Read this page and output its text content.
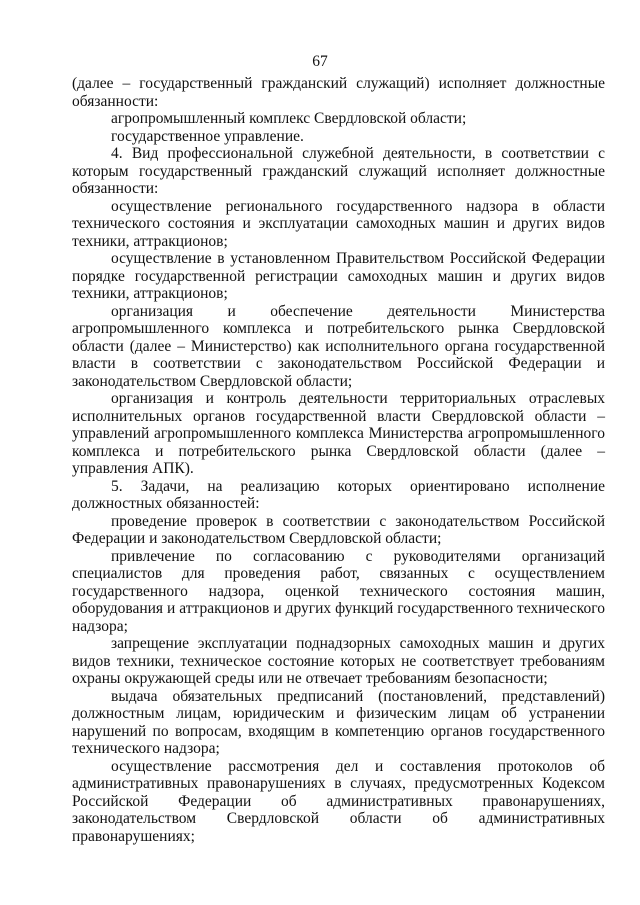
67

(далее – государственный гражданский служащий) исполняет должностные обязанности:

агропромышленный комплекс Свердловской области;

государственное управление.

4. Вид профессиональной служебной деятельности, в соответствии с которым государственный гражданский служащий исполняет должностные обязанности:

осуществление регионального государственного надзора в области технического состояния и эксплуатации самоходных машин и других видов техники, аттракционов;

осуществление в установленном Правительством Российской Федерации порядке государственной регистрации самоходных машин и других видов техники, аттракционов;

организация и обеспечение деятельности Министерства агропромышленного комплекса и потребительского рынка Свердловской области (далее – Министерство) как исполнительного органа государственной власти в соответствии с законодательством Российской Федерации и законодательством Свердловской области;

организация и контроль деятельности территориальных отраслевых исполнительных органов государственной власти Свердловской области – управлений агропромышленного комплекса Министерства агропромышленного комплекса и потребительского рынка Свердловской области (далее – управления АПК).

5. Задачи, на реализацию которых ориентировано исполнение должностных обязанностей:

проведение проверок в соответствии с законодательством Российской Федерации и законодательством Свердловской области;

привлечение по согласованию с руководителями организаций специалистов для проведения работ, связанных с осуществлением государственного надзора, оценкой технического состояния машин, оборудования и аттракционов и других функций государственного технического надзора;

запрещение эксплуатации поднадзорных самоходных машин и других видов техники, техническое состояние которых не соответствует требованиям охраны окружающей среды или не отвечает требованиям безопасности;

выдача обязательных предписаний (постановлений, представлений) должностным лицам, юридическим и физическим лицам об устранении нарушений по вопросам, входящим в компетенцию органов государственного технического надзора;

осуществление рассмотрения дел и составления протоколов об административных правонарушениях в случаях, предусмотренных Кодексом Российской Федерации об административных правонарушениях, законодательством Свердловской области об административных правонарушениях;
